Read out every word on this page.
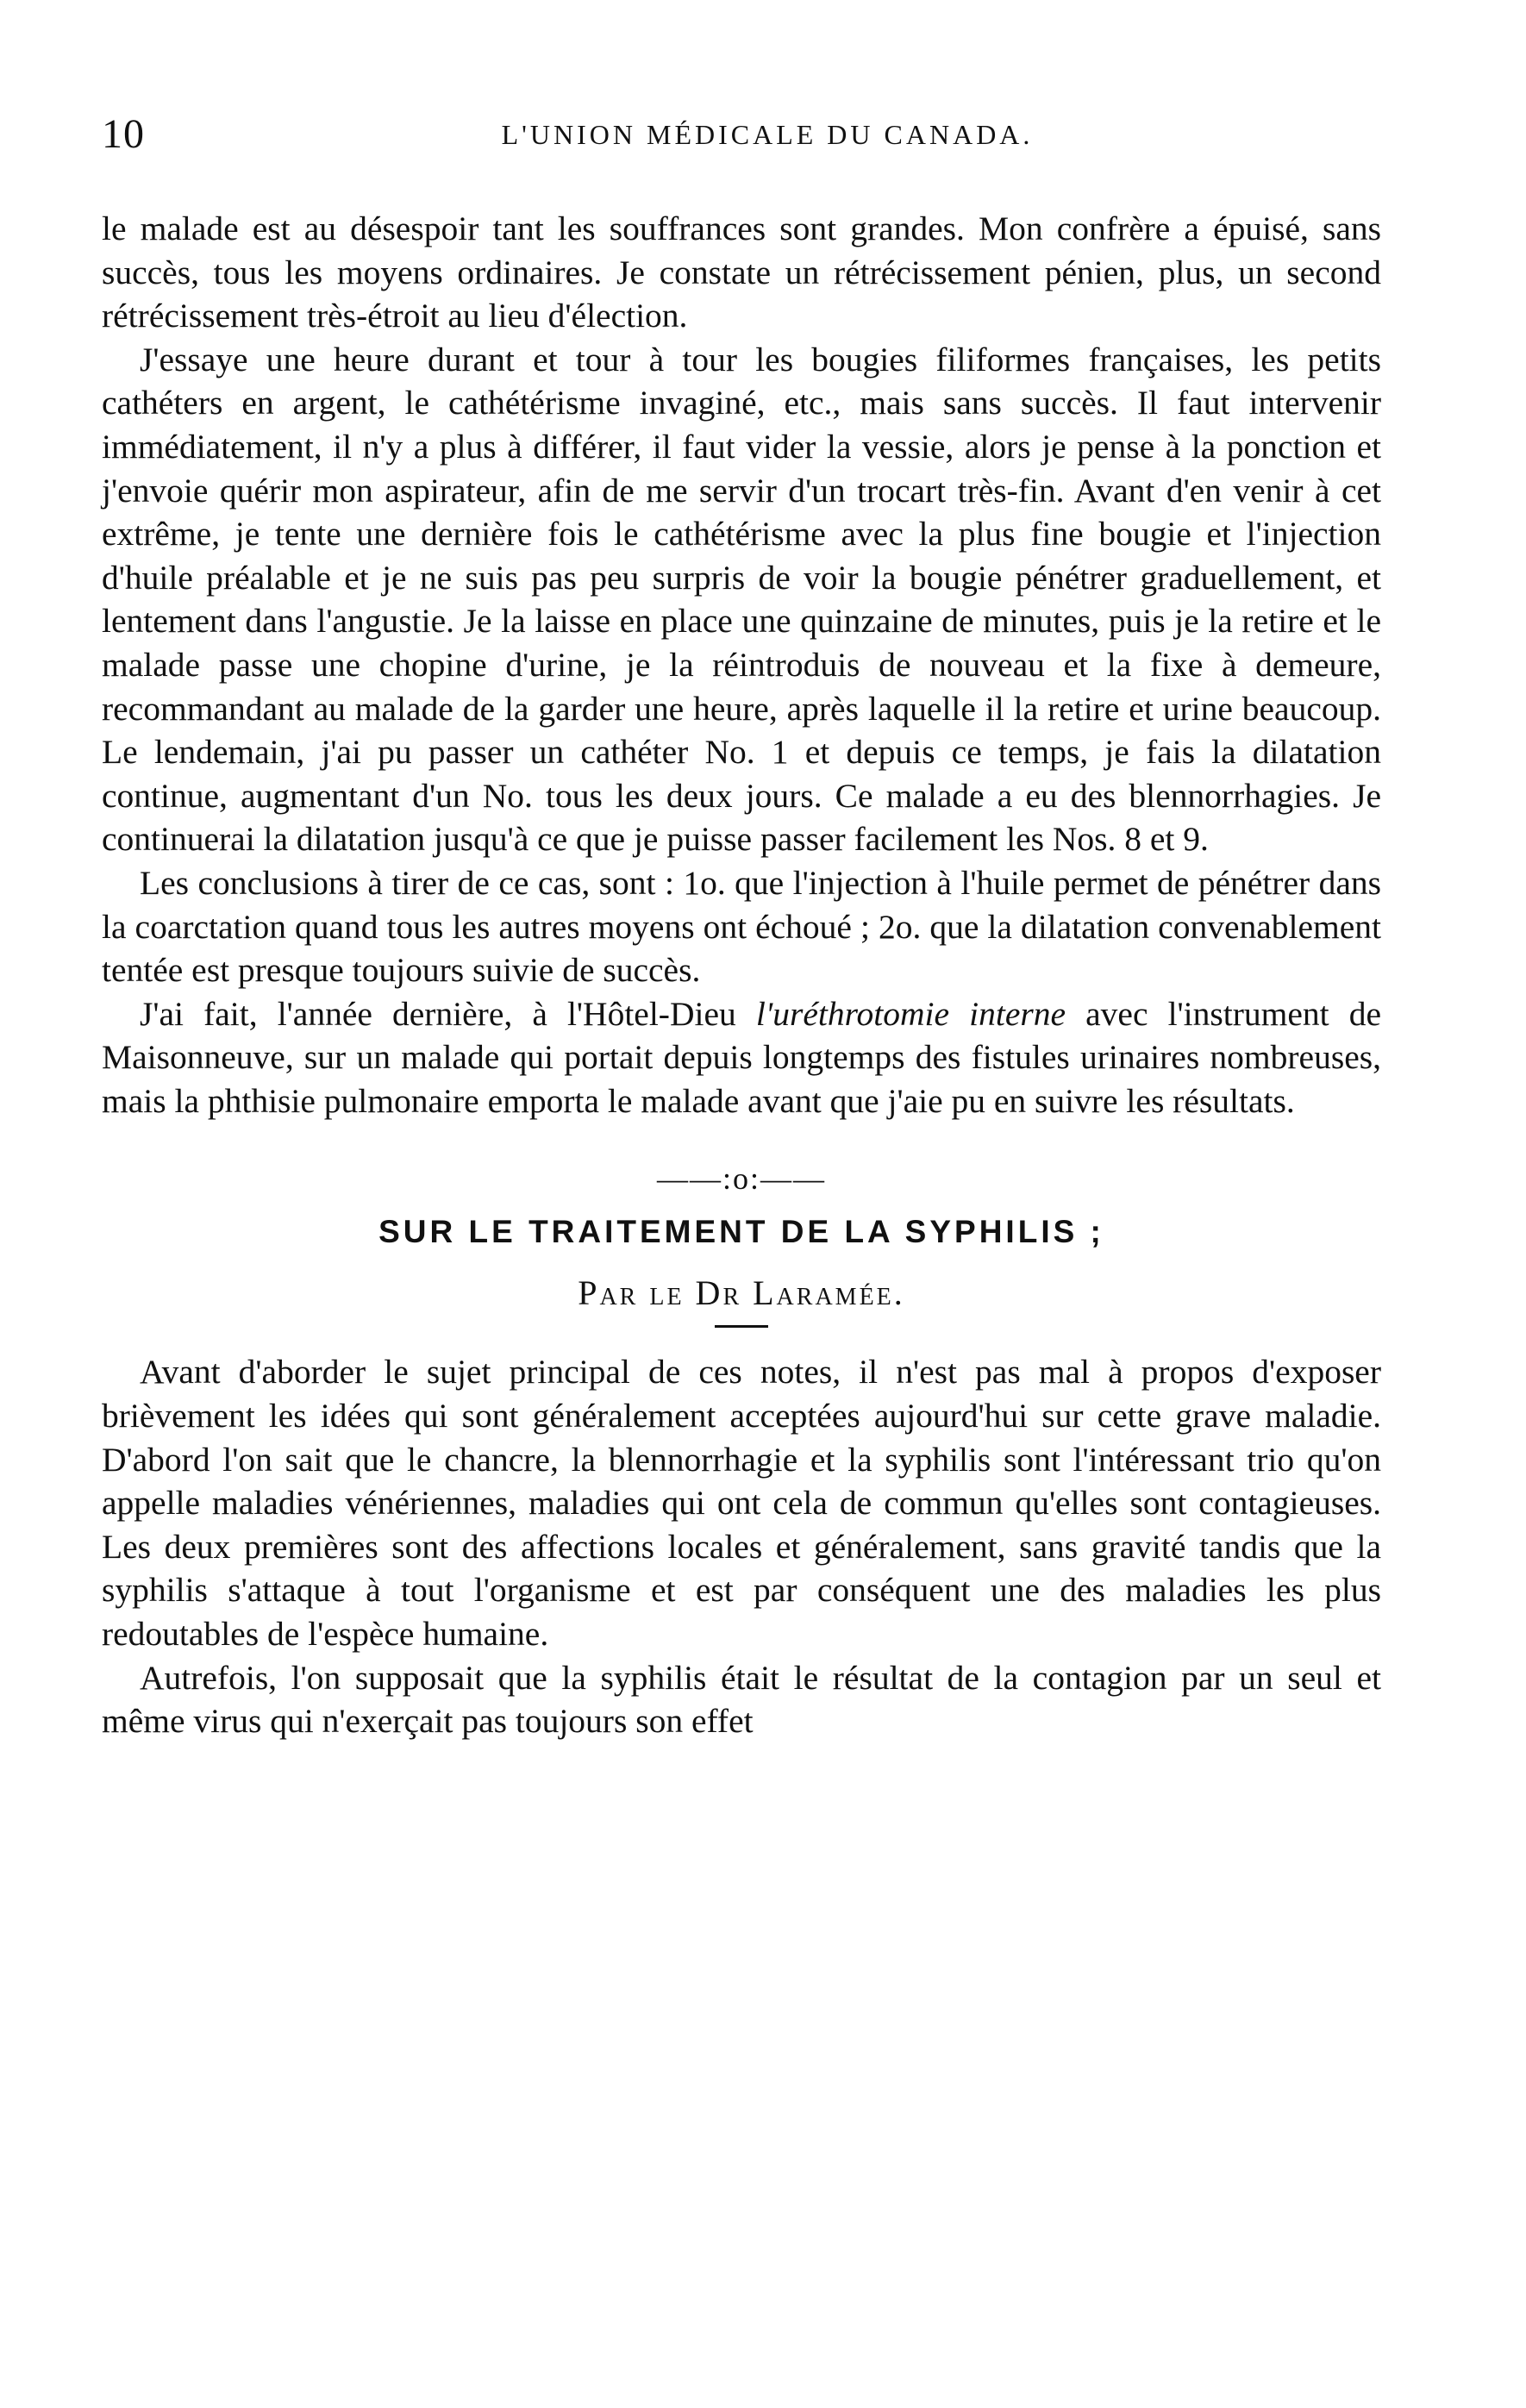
10	L'UNION MÉDICALE DU CANADA.

le malade est au désespoir tant les souffrances sont grandes. Mon confrère a épuisé, sans succès, tous les moyens ordinaires. Je constate un rétrécissement pénien, plus, un second rétrécissement très-étroit au lieu d'élection.

J'essaye une heure durant et tour à tour les bougies filiformes françaises, les petits cathéters en argent, le cathétérisme invaginé, etc., mais sans succès. Il faut intervenir immédiatement, il n'y a plus à différer, il faut vider la vessie, alors je pense à la ponction et j'envoie quérir mon aspirateur, afin de me servir d'un trocart très-fin. Avant d'en venir à cet extrême, je tente une dernière fois le cathétérisme avec la plus fine bougie et l'injection d'huile préalable et je ne suis pas peu surpris de voir la bougie pénétrer graduellement, et lentement dans l'angustie. Je la laisse en place une quinzaine de minutes, puis je la retire et le malade passe une chopine d'urine, je la réintroduis de nouveau et la fixe à demeure, recommandant au malade de la garder une heure, après laquelle il la retire et urine beaucoup. Le lendemain, j'ai pu passer un cathéter No. 1 et depuis ce temps, je fais la dilatation continue, augmentant d'un No. tous les deux jours. Ce malade a eu des blennorrhagies. Je continuerai la dilatation jusqu'à ce que je puisse passer facilement les Nos. 8 et 9.

Les conclusions à tirer de ce cas, sont : 1o. que l'injection à l'huile permet de pénétrer dans la coarctation quand tous les autres moyens ont échoué ; 2o. que la dilatation convenablement tentée est presque toujours suivie de succès.

J'ai fait, l'année dernière, à l'Hôtel-Dieu l'uréthrotomie interne avec l'instrument de Maisonneuve, sur un malade qui portait depuis longtemps des fistules urinaires nombreuses, mais la phthisie pulmonaire emporta le malade avant que j'aie pu en suivre les résultats.

——:o:——
SUR LE TRAITEMENT DE LA SYPHILIS ;
Par le Dr Laramée.

Avant d'aborder le sujet principal de ces notes, il n'est pas mal à propos d'exposer brièvement les idées qui sont généralement acceptées aujourd'hui sur cette grave maladie. D'abord l'on sait que le chancre, la blennorrhagie et la syphilis sont l'intéressant trio qu'on appelle maladies vénériennes, maladies qui ont cela de commun qu'elles sont contagieuses. Les deux premières sont des affections locales et généralement, sans gravité tandis que la syphilis s'attaque à tout l'organisme et est par conséquent une des maladies les plus redoutables de l'espèce humaine.

Autrefois, l'on supposait que la syphilis était le résultat de la contagion par un seul et même virus qui n'exerçait pas toujours son effet
